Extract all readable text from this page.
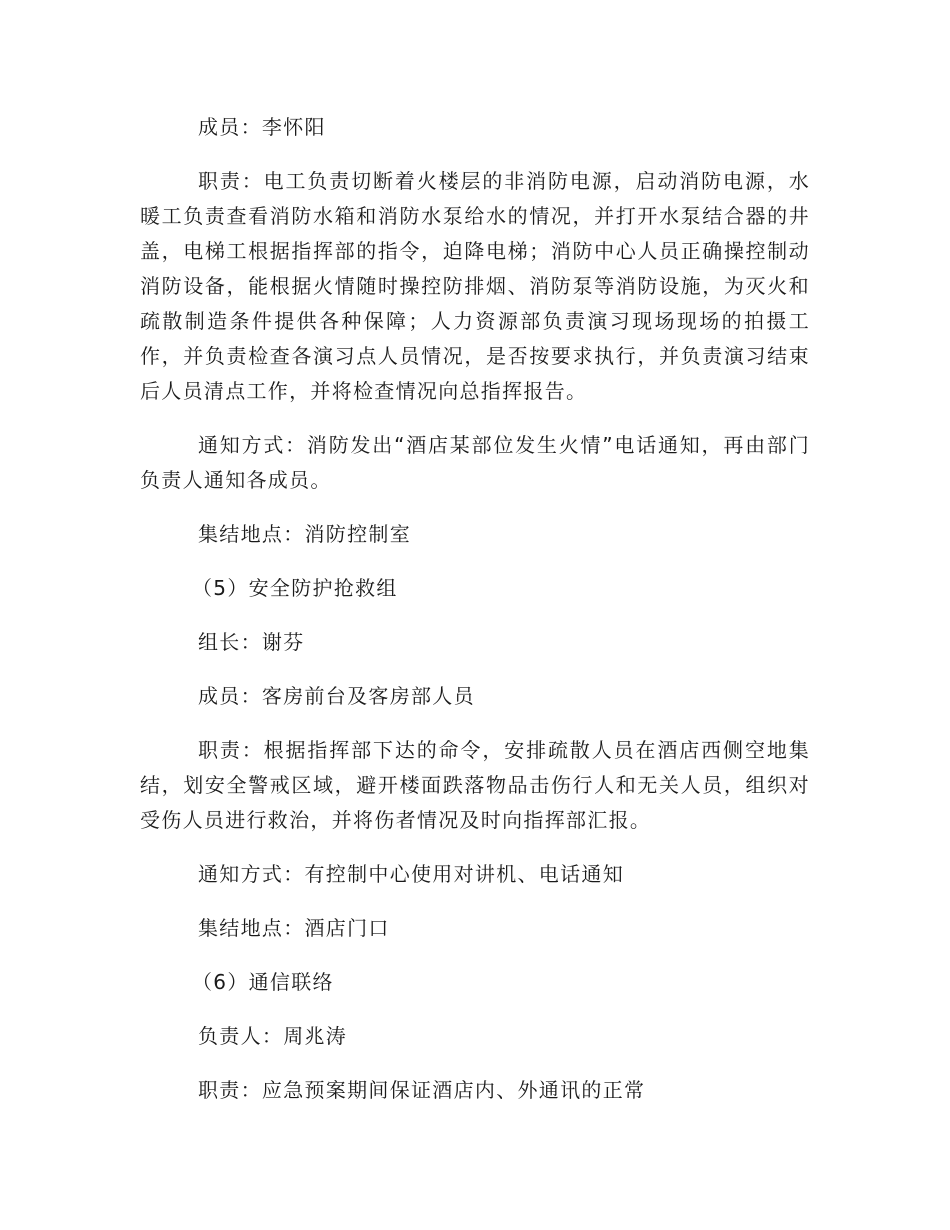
成员：李怀阳

职责：电工负责切断着火楼层的非消防电源，启动消防电源，水暖工负责查看消防水箱和消防水泵给水的情况，并打开水泵结合器的井盖，电梯工根据指挥部的指令，迫降电梯；消防中心人员正确操控制动消防设备，能根据火情随时操控防排烟、消防泵等消防设施，为灭火和疏散制造条件提供各种保障；人力资源部负责演习现场现场的拍摄工作，并负责检查各演习点人员情况，是否按要求执行，并负责演习结束后人员清点工作，并将检查情况向总指挥报告。

通知方式：消防发出“酒店某部位发生火情”电话通知，再由部门负责人通知各成员。

集结地点：消防控制室

（5）安全防护抢救组

组长：谢芬

成员：客房前台及客房部人员

职责：根据指挥部下达的命令，安排疏散人员在酒店西侧空地集结，划安全警戒区域，避开楼面跌落物品击伤行人和无关人员，组织对受伤人员进行救治，并将伤者情况及时向指挥部汇报。

通知方式：有控制中心使用对讲机、电话通知

集结地点：酒店门口

（6）通信联络

负责人：周兆涛

职责：应急预案期间保证酒店内、外通讯的正常
